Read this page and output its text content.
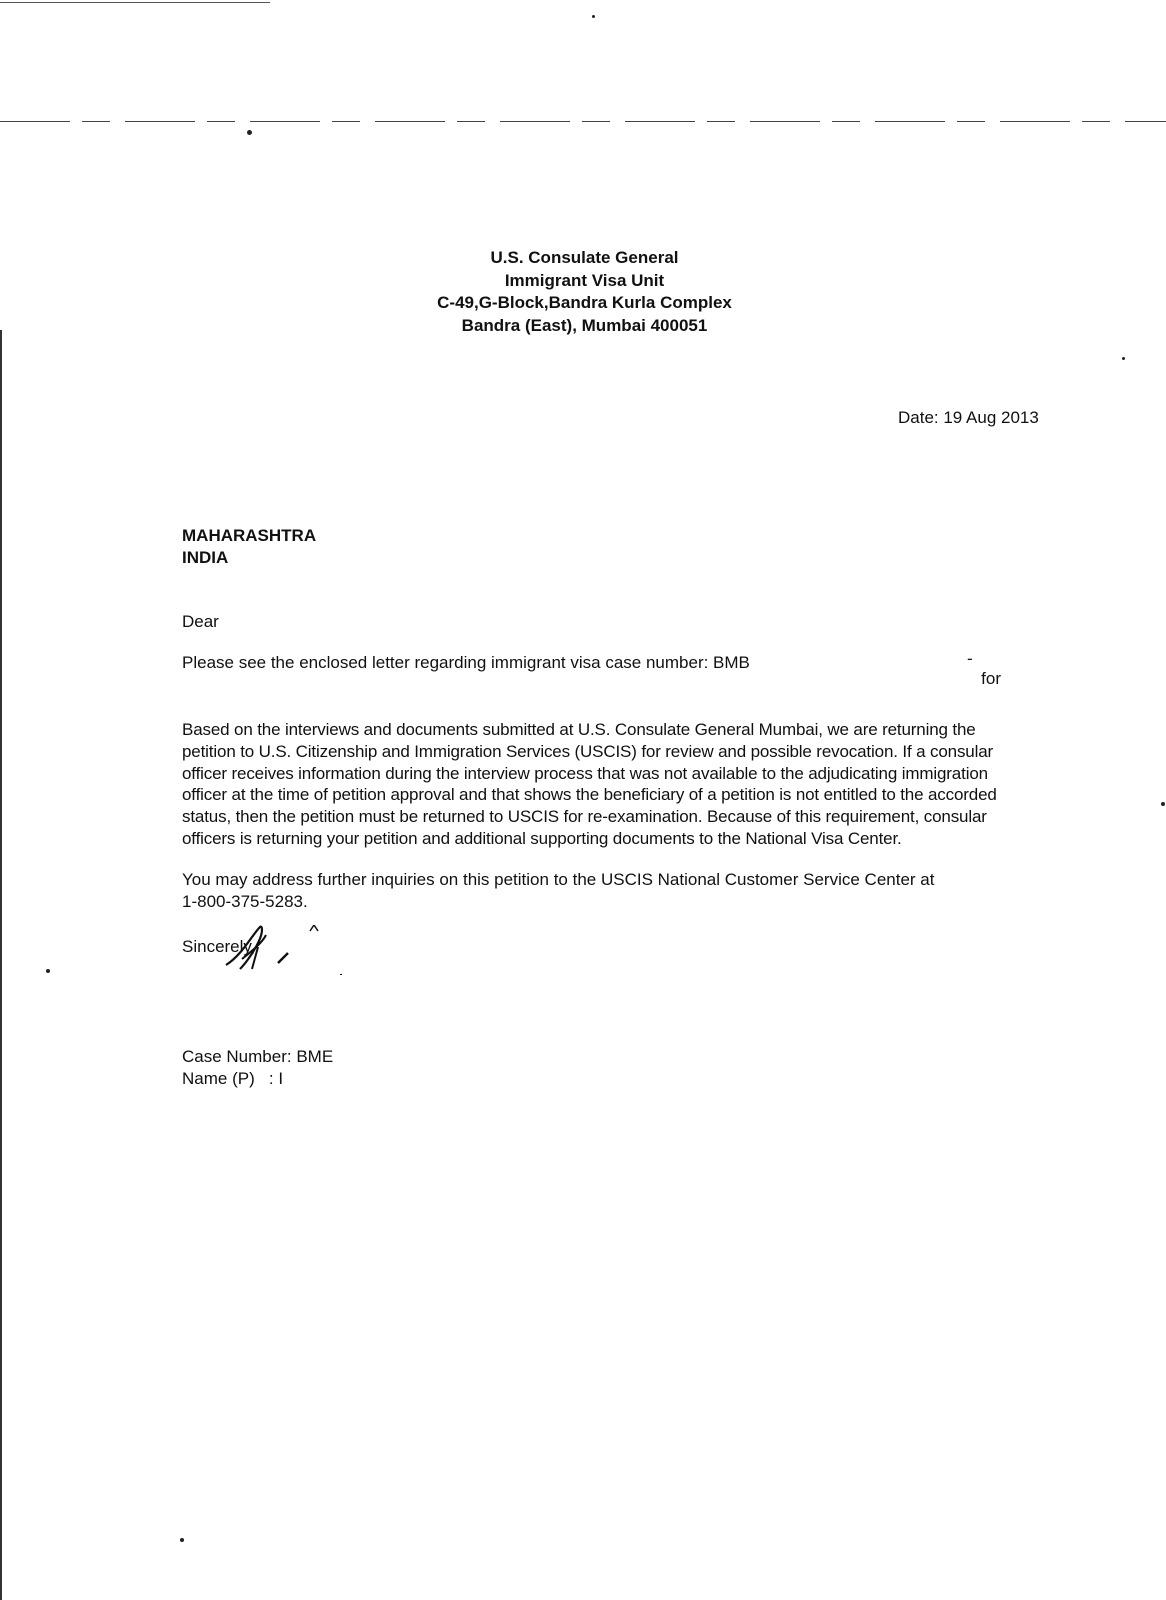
U.S. Consulate General
Immigrant Visa Unit
C-49,G-Block,Bandra Kurla Complex
Bandra (East), Mumbai 400051
Date: 19 Aug 2013
MAHARASHTRA
INDIA
Dear
Please see the enclosed letter regarding immigrant visa case number: BMB	-   for
Based on the interviews and documents submitted at U.S. Consulate General Mumbai, we are returning the
petition to U.S. Citizenship and Immigration Services (USCIS) for review and possible revocation. If a consular
officer receives information during the interview process that was not available to the adjudicating immigration
officer at the time of petition approval and that shows the beneficiary of a petition is not entitled to the accorded
status, then the petition must be returned to USCIS for re-examination. Because of this requirement, consular
officers is returning your petition and additional supporting documents to the National Visa Center.
You may address further inquiries on this petition to the USCIS National Customer Service Center at
1-800-375-5283.
Sincerely,
Case Number: BME
Name (P) : I
